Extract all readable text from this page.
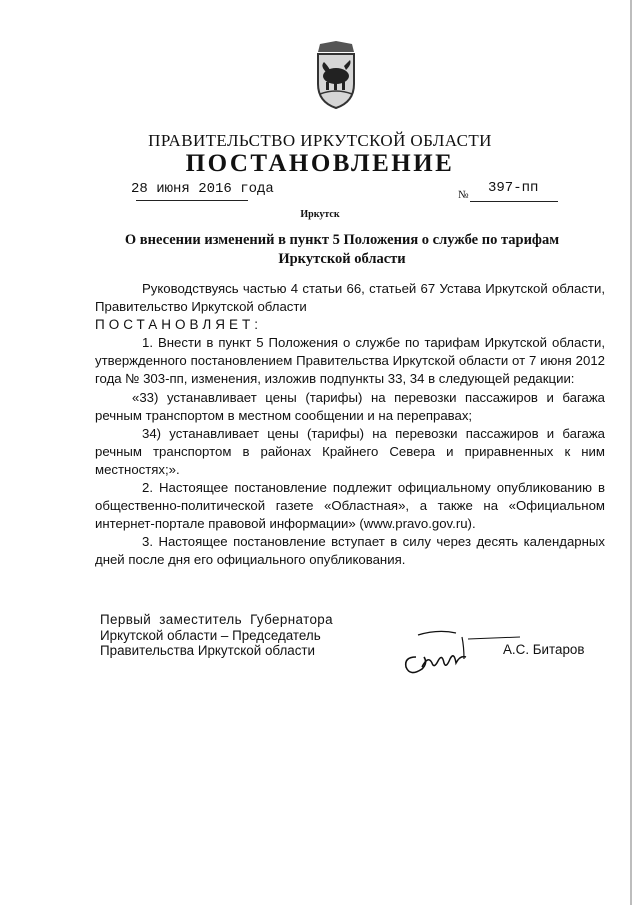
ПРАВИТЕЛЬСТВО ИРКУТСКОЙ ОБЛАСТИ
ПОСТАНОВЛЕНИЕ
28 июня 2016 года	№ 397-пп
Иркутск
О внесении изменений в пункт 5 Положения о службе по тарифам Иркутской области

Руководствуясь частью 4 статьи 66, статьей 67 Устава Иркутской области, Правительство Иркутской области

ПОСТАНОВЛЯЕТ:

1. Внести в пункт 5 Положения о службе по тарифам Иркутской области, утвержденного постановлением Правительства Иркутской области от 7 июня 2012 года № 303-пп, изменения, изложив подпункты 33, 34 в следующей редакции:

«33) устанавливает цены (тарифы) на перевозки пассажиров и багажа речным транспортом в местном сообщении и на переправах;

34) устанавливает цены (тарифы) на перевозки пассажиров и багажа речным транспортом в районах Крайнего Севера и приравненных к ним местностях;».

2. Настоящее постановление подлежит официальному опубликованию в общественно-политической газете «Областная», а также на «Официальном интернет-портале правовой информации» (www.pravo.gov.ru).

3. Настоящее постановление вступает в силу через десять календарных дней после дня его официального опубликования.

Первый заместитель Губернатора
Иркутской области – Председатель
Правительства Иркутской области	А.С. Битаров
